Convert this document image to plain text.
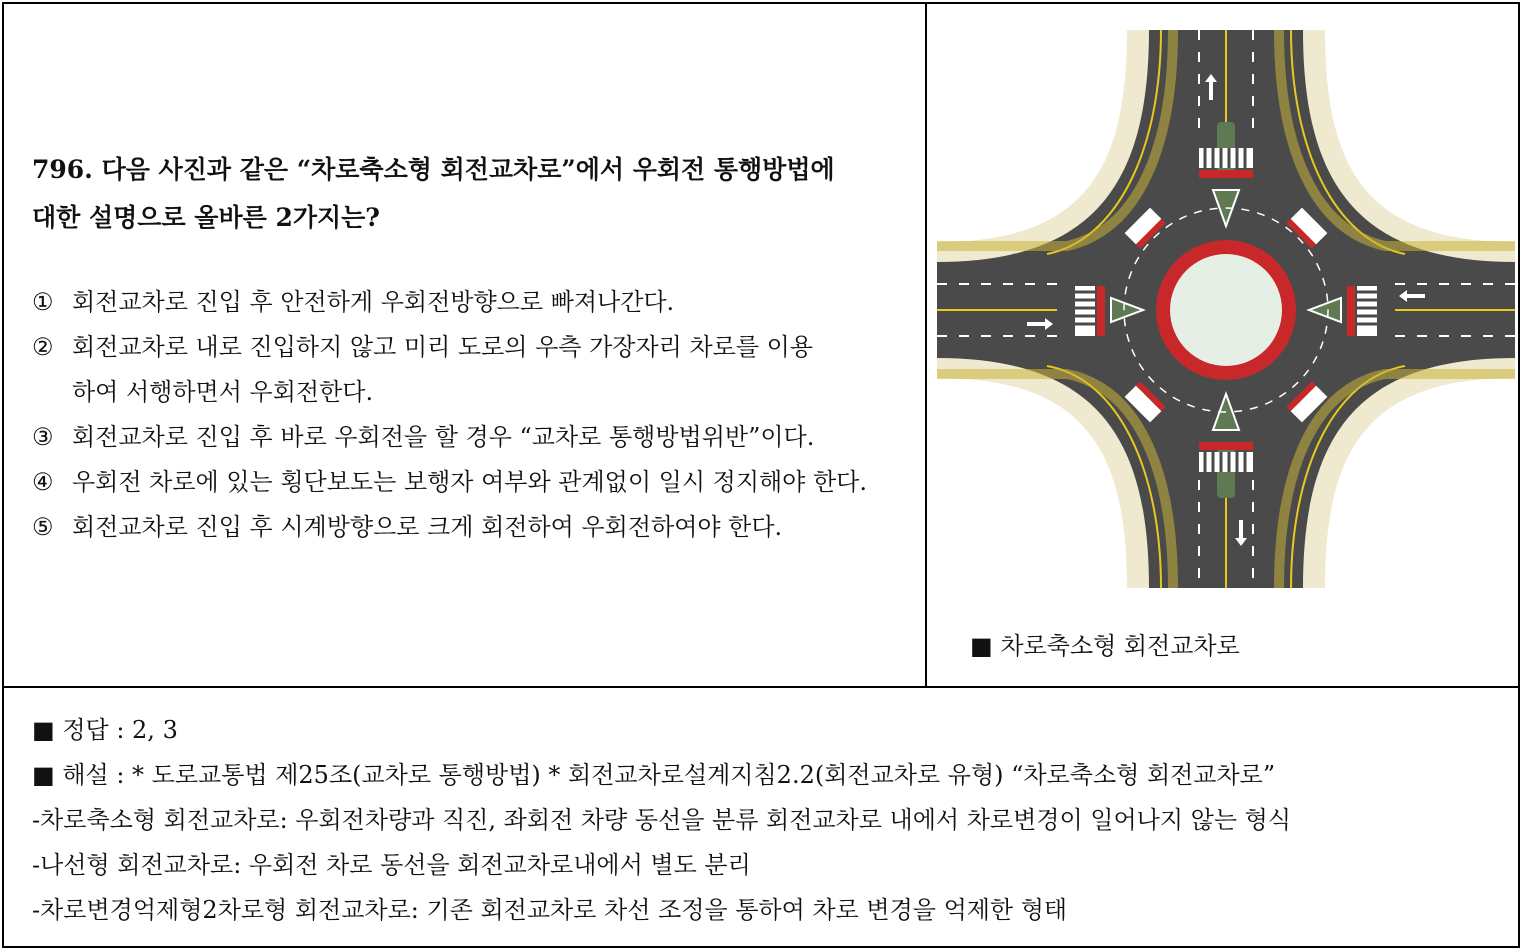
796. 다음 사진과 같은 “차로축소형 회전교차로”에서 우회전 통행방법에
대한 설명으로 올바른 2가지는?
① 회전교차로 진입 후 안전하게 우회전방향으로 빠져나간다.
② 회전교차로 내로 진입하지 않고 미리 도로의 우측 가장자리 차로를 이용
하여 서행하면서 우회전한다.
③ 회전교차로 진입 후 바로 우회전을 할 경우 “교차로 통행방법위반”이다.
④ 우회전 차로에 있는 횡단보도는 보행자 여부와 관계없이 일시 정지해야 한다.
⑤ 회전교차로 진입 후 시계방향으로 크게 회전하여 우회전하여야 한다.
■ 차로축소형 회전교차로
■ 정답 : 2, 3
■ 해설 : * 도로교통법 제25조(교차로 통행방법) * 회전교차로설계지침2.2(회전교차로 유형) “차로축소형 회전교차로”
-차로축소형 회전교차로: 우회전차량과 직진, 좌회전 차량 동선을 분류 회전교차로 내에서 차로변경이 일어나지 않는 형식
-나선형 회전교차로: 우회전 차로 동선을 회전교차로내에서 별도 분리
-차로변경억제형2차로형 회전교차로: 기존 회전교차로 차선 조정을 통하여 차로 변경을 억제한 형태
